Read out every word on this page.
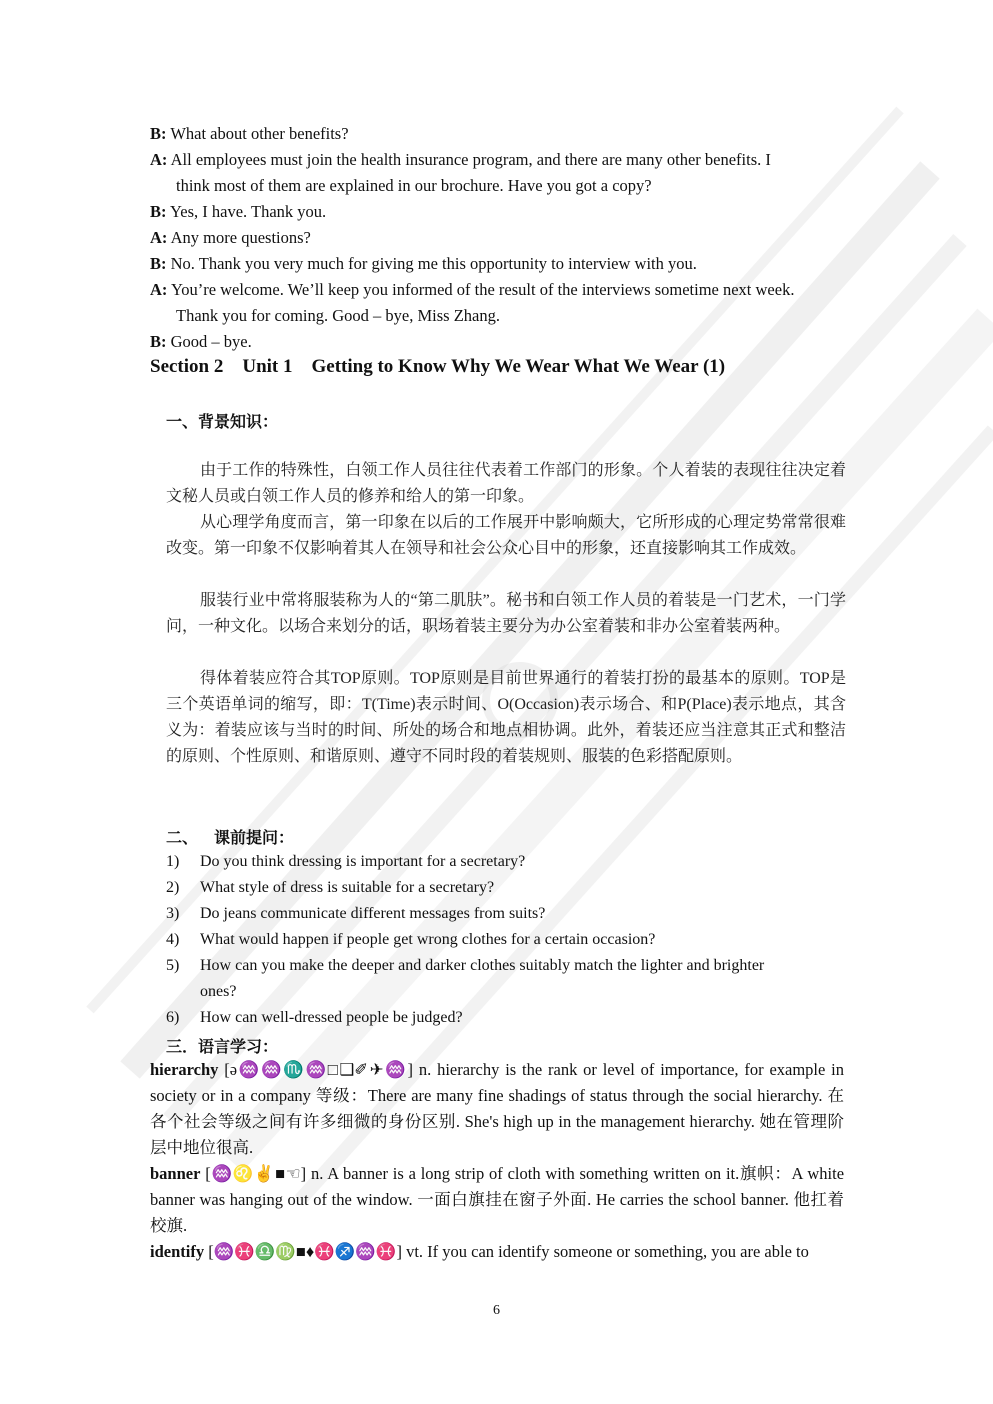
B: What about other benefits?
A: All employees must join the health insurance program, and there are many other benefits. I
think most of them are explained in our brochure. Have you got a copy?
B: Yes, I have. Thank you.
A: Any more questions?
B: No. Thank you very much for giving me this opportunity to interview with you.
A: You’re welcome. We’ll keep you informed of the result of the interviews sometime next week.
Thank you for coming. Good – bye, Miss Zhang.
B: Good – bye.
Section 2    Unit 1    Getting to Know Why We Wear What We Wear (1)
一、背景知识：
由于工作的特殊性，白领工作人员往往代表着工作部门的形象。个人着装的表现往往决定着文秘人员或白领工作人员的修养和给人的第一印象。
从心理学角度而言，第一印象在以后的工作展开中影响颇大，它所形成的心理定势常常很难改变。第一印象不仅影响着其人在领导和社会公众心目中的形象，还直接影响其工作成效。
服装行业中常将服装称为人的“第二肌肤”。秘书和白领工作人员的着装是一门艺术，一门学问，一种文化。以场合来划分的话，职场着装主要分为办公室着装和非办公室着装两种。
得体着装应符合其TOP原则。TOP原则是目前世界通行的着装打扮的最基本的原则。TOP是三个英语单词的缩写，即：T(Time)表示时间、O(Occasion)表示场合、和P(Place)表示地点，其含义为：着装应该与当时的时间、所处的场合和地点相协调。此外，着装还应当注意其正式和整洁的原则、个性原则、和谐原则、遵守不同时段的着装规则、服装的色彩搭配原则。
二、    课前提问：
1) Do you think dressing is important for a secretary?
2) What style of dress is suitable for a secretary?
3) Do jeans communicate different messages from suits?
4) What would happen if people get wrong clothes for a certain occasion?
5) How can you make the deeper and darker clothes suitably match the lighter and brighter
ones?
6) How can well-dressed people be judged?
三．语言学习：
hierarchy [ə♒♒♏♒□❑✐✈♒] n. hierarchy is the rank or level of importance, for example in society or in a company 等级：There are many fine shadings of status through the social hierarchy. 在各个社会等级之间有许多细微的身份区别. She's high up in the management hierarchy. 她在管理阶层中地位很高.
banner [♒♌✌■☜] n. A banner is a long strip of cloth with something written on it.旗帜：A white banner was hanging out of the window. 一面白旗挂在窗子外面. He carries the school banner. 他扛着校旗.
identify [♒♓♎♍■♦♓♐♒♓] vt. If you can identify someone or something, you are able to
6
